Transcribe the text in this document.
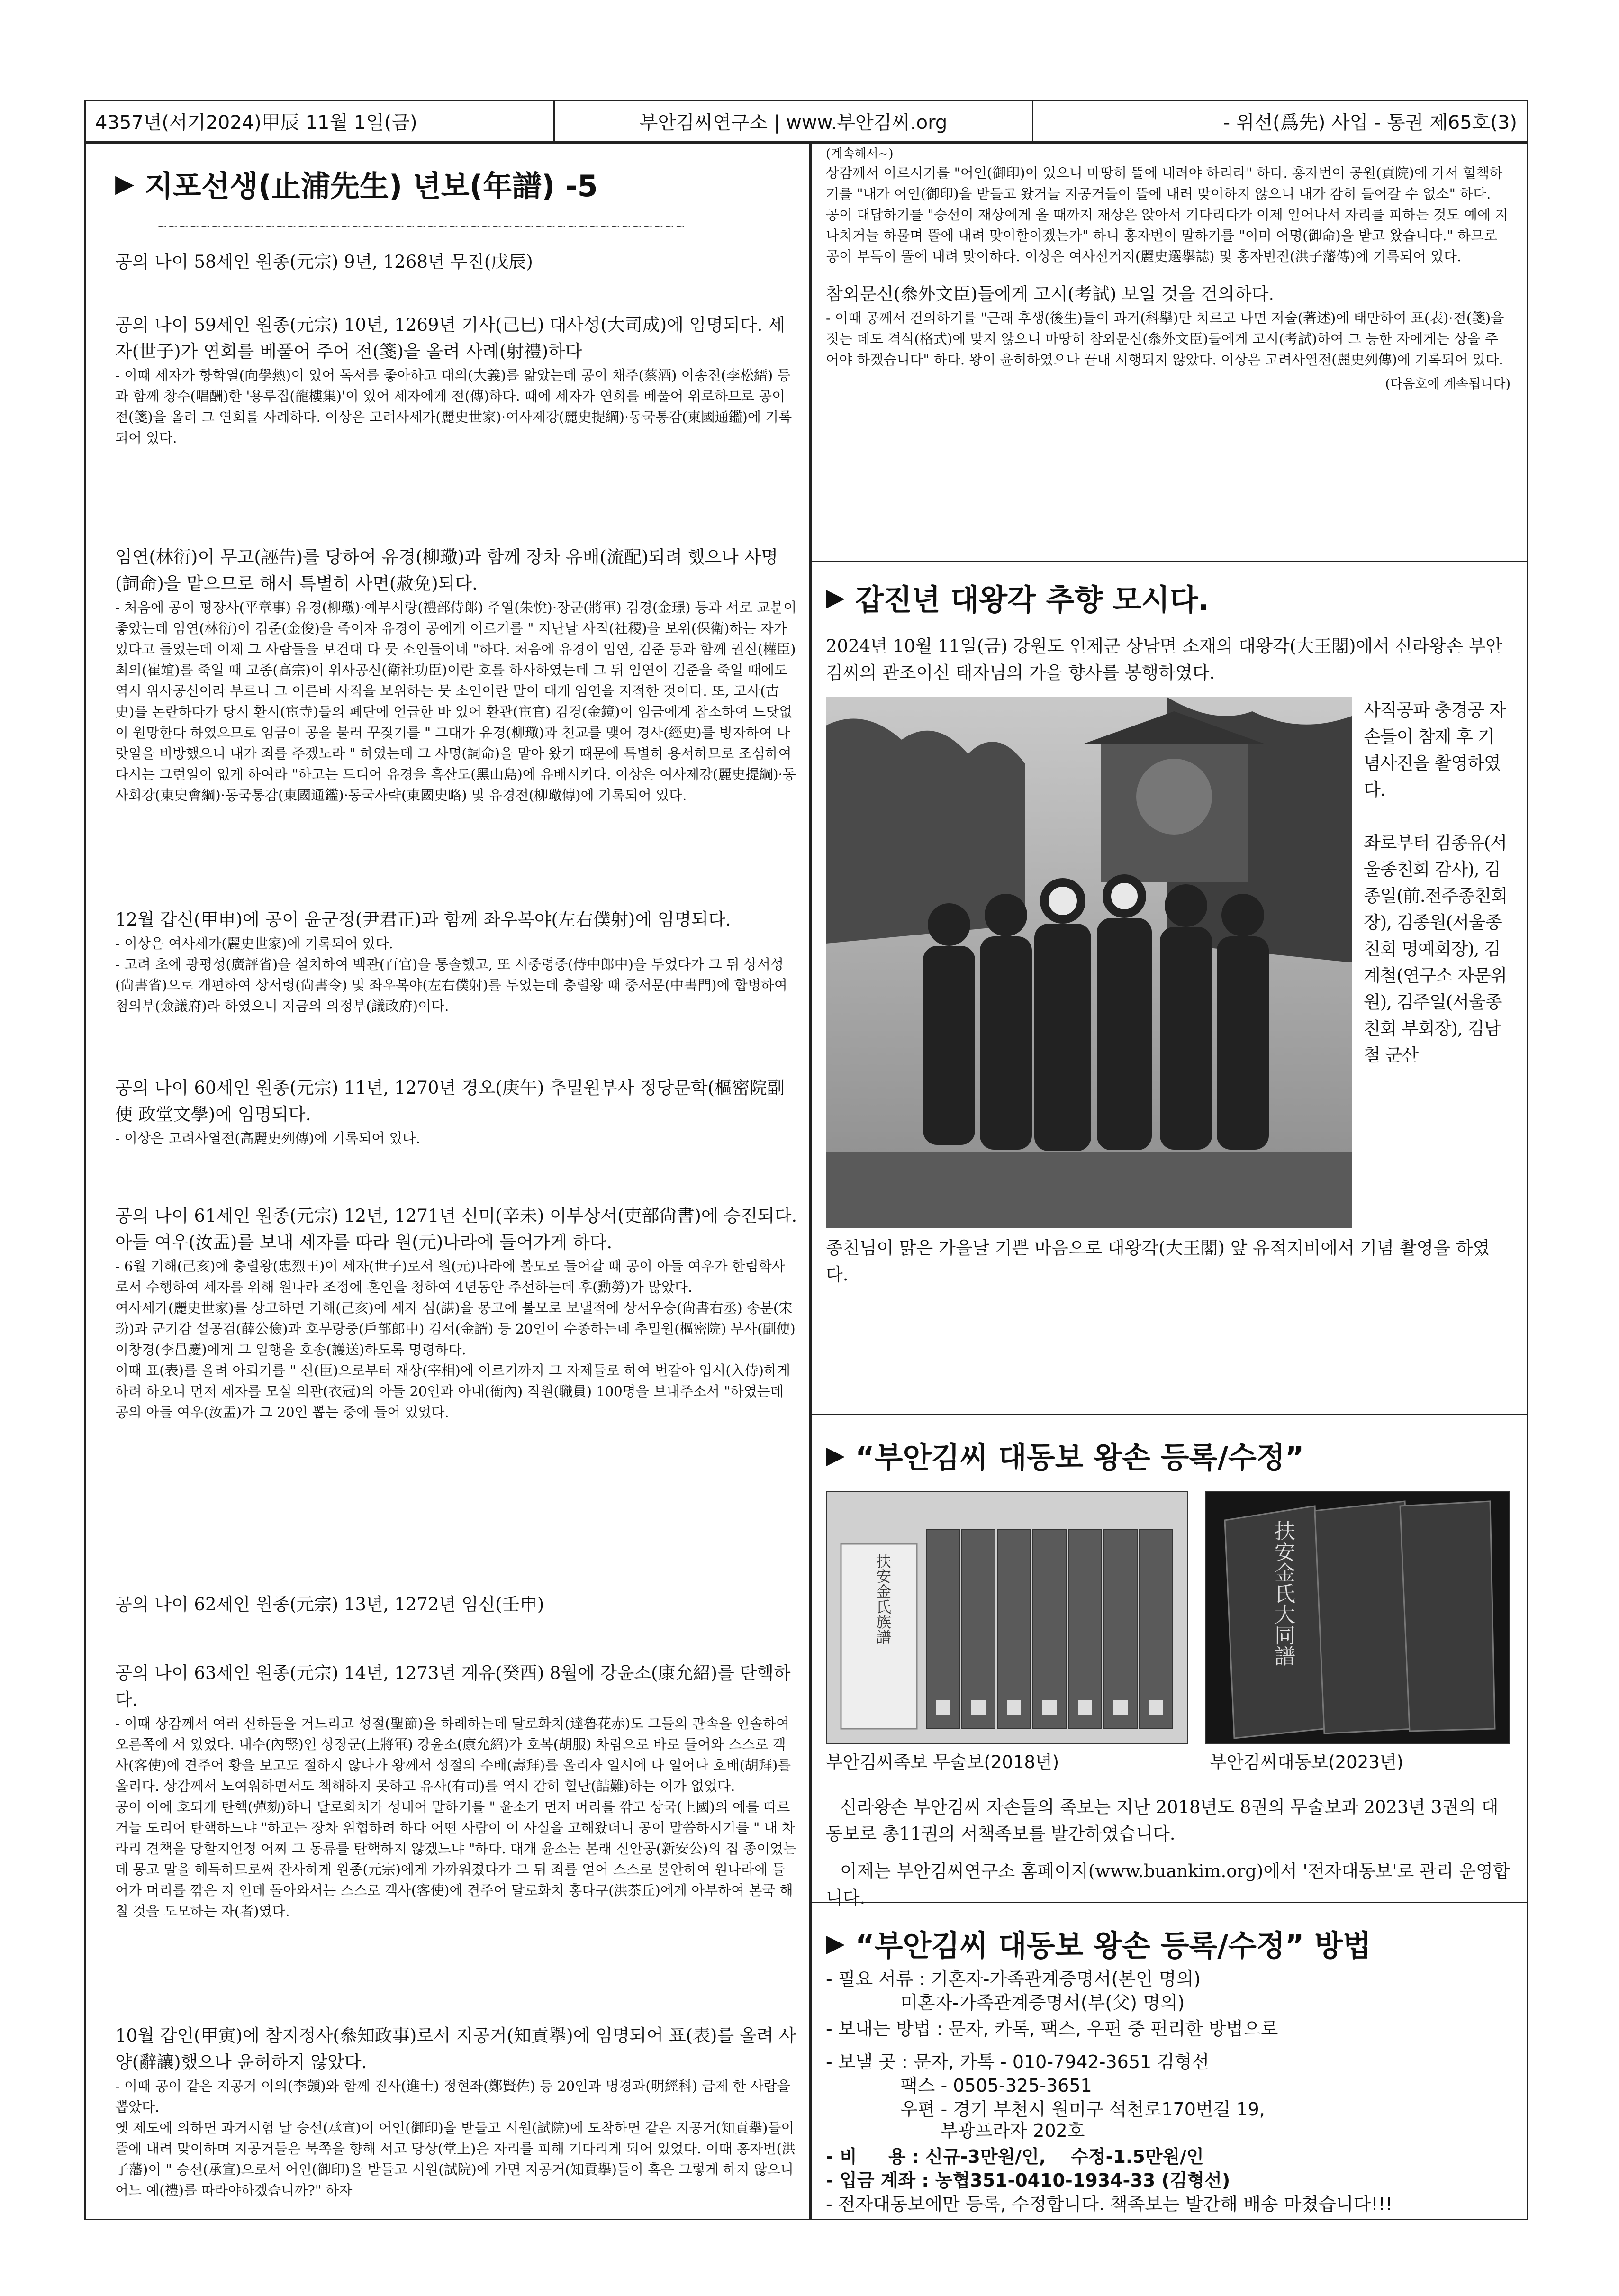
4357년(서기2024)甲辰 11월 1일(금)	부안김씨연구소 | www.부안김씨.org	- 위선(爲先) 사업 - 통권 제65호(3)
▶ 지포선생(止浦先生) 년보(年譜) -5
~~~~~~~~~~~~~~~~~~~~~~~~~~~~~~~~~~~~~~~~~~~~~~~~~

공의 나이 58세인 원종(元宗) 9년, 1268년 무진(戊辰)

공의 나이 59세인 원종(元宗) 10년, 1269년 기사(己巳) 대사성(大司成)에 임명되다. 세자(世子)가 연회를 베풀어 주어 전(箋)을 올려 사례(射禮)하다

- 이때 세자가 향학열(向學熱)이 있어 독서를 좋아하고 대의(大義)를 앎았는데 공이 채주(蔡酒) 이송진(李松縉) 등과 함께 창수(唱酬)한 '용루집(龍樓集)'이 있어 세자에게 전(傳)하다. 때에 세자가 연회를 베풀어 위로하므로 공이 전(箋)을 올려 그 연회를 사례하다. 이상은 고려사세가(麗史世家)·여사제강(麗史提綱)·동국통감(東國通鑑)에 기록되어 있다.

임연(林衍)이 무고(誣告)를 당하여 유경(柳璥)과 함께 장차 유배(流配)되려 했으나 사명(詞命)을 맡으므로 해서 특별히 사면(赦免)되다.

- 처음에 공이 평장사(平章事) 유경(柳璥)·예부시랑(禮部侍郞) 주열(朱悅)·장군(將軍) 김경(金璟) 등과 서로 교분이 좋았는데 임연(林衍)이 김준(金俊)을 죽이자 유경이 공에게 이르기를 " 지난날 사직(社稷)을 보위(保衛)하는 자가 있다고 들었는데 이제 그 사람들을 보건대 다 뭇 소인들이네 "하다. 처음에 유경이 임연, 김준 등과 함께 권신(權臣) 최의(崔竩)를 죽일 때 고종(高宗)이 위사공신(衛社功臣)이란 호를 하사하였는데 그 뒤 임연이 김준을 죽일 때에도 역시 위사공신이라 부르니 그 이른바 사직을 보위하는 뭇 소인이란 말이 대개 임연을 지적한 것이다. 또, 고사(古史)를 논란하다가 당시 환시(宦寺)들의 폐단에 언급한 바 있어 환관(宦官) 김경(金鏡)이 임금에게 참소하여 느닷없이 원망한다 하였으므로 임금이 공을 불러 꾸짖기를 " 그대가 유경(柳璥)과 친교를 맺어 경사(經史)를 빙자하여 나랏일을 비방했으니 내가 죄를 주겠노라 " 하였는데 그 사명(詞命)을 맡아 왔기 때문에 특별히 용서하므로 조심하여 다시는 그런일이 없게 하여라 "하고는 드디어 유경을 흑산도(黑山島)에 유배시키다. 이상은 여사제강(麗史提綱)·동사회강(東史會綱)·동국통감(東國通鑑)·동국사략(東國史略) 및 유경전(柳璥傳)에 기록되어 있다.

12월 갑신(甲申)에 공이 윤군정(尹君正)과 함께 좌우복야(左右僕射)에 임명되다.

- 이상은 여사세가(麗史世家)에 기록되어 있다.
- 고려 초에 광평성(廣評省)을 설치하여 백관(百官)을 통솔했고, 또 시중령중(侍中郎中)을 두었다가 그 뒤 상서성(尙書省)으로 개편하여 상서령(尙書令) 및 좌우복야(左右僕射)를 두었는데 충렬왕 때 중서문(中書門)에 합병하여 첨의부(僉議府)라 하였으니 지금의 의정부(議政府)이다.

공의 나이 60세인 원종(元宗) 11년, 1270년 경오(庚午) 추밀원부사 정당문학(樞密院副使 政堂文學)에 임명되다.

- 이상은 고려사열전(高麗史列傳)에 기록되어 있다.

공의 나이 61세인 원종(元宗) 12년, 1271년 신미(辛未) 이부상서(吏部尙書)에 승진되다. 아들 여우(汝盂)를 보내 세자를 따라 원(元)나라에 들어가게 하다.

- 6월 기해(己亥)에 충렬왕(忠烈王)이 세자(世子)로서 원(元)나라에 볼모로 들어갈 때 공이 아들 여우가 한림학사로서 수행하여 세자를 위해 원나라 조정에 혼인을 청하여 4년동안 주선하는데 후(勳勞)가 많았다.
여사세가(麗史世家)를 상고하면 기해(己亥)에 세자 심(諶)을 몽고에 볼모로 보낼적에 상서우승(尙書右丞) 송분(宋玢)과 군기감 설공검(薛公儉)과 호부랑중(戶部郎中) 김서(金諝) 등 20인이 수종하는데 추밀원(樞密院) 부사(副使) 이창경(李昌慶)에게 그 일행을 호송(護送)하도록 명령하다.
이때 표(表)를 올려 아뢰기를 " 신(臣)으로부터 재상(宰相)에 이르기까지 그 자제들로 하여 번갈아 입시(入侍)하게 하려 하오니 먼저 세자를 모실 의관(衣冠)의 아들 20인과 아내(衙內) 직원(職員) 100명을 보내주소서 "하였는데 공의 아들 여우(汝盂)가 그 20인 뽑는 중에 들어 있었다.

공의 나이 62세인 원종(元宗) 13년, 1272년 임신(壬申)

공의 나이 63세인 원종(元宗) 14년, 1273년 계유(癸酉) 8월에 강윤소(康允紹)를 탄핵하다.

- 이때 상감께서 여러 신하들을 거느리고 성절(聖節)을 하례하는데 달로화치(達魯花赤)도 그들의 관속을 인솔하여 오른쪽에 서 있었다. 내수(內竪)인 상장군(上將軍) 강윤소(康允紹)가 호복(胡服) 차림으로 바로 들어와 스스로 객사(客使)에 견주어 황을 보고도 절하지 않다가 왕께서 성절의 수배(壽拜)를 올리자 일시에 다 일어나 호배(胡拜)를 올리다. 상감께서 노여워하면서도 책해하지 못하고 유사(有司)를 역시 감히 힐난(詰難)하는 이가 없었다.
공이 이에 호되게 탄핵(彈劾)하니 달로화치가 성내어 말하기를 " 윤소가 먼저 머리를 깎고 상국(上國)의 예를 따르거늘 도리어 탄핵하느냐 "하고는 장차 위협하려 하다 어떤 사람이 이 사실을 고해왔더니 공이 말씀하시기를 " 내 차라리 견책을 당할지언정 어찌 그 동류를 탄핵하지 않겠느냐 "하다. 대개 윤소는 본래 신안공(新安公)의 집 종이었는데 몽고 말을 해득하므로써 잔사하게 원종(元宗)에게 가까워졌다가 그 뒤 죄를 얻어 스스로 불안하여 원나라에 들어가 머리를 깎은 지 인데 돌아와서는 스스로 객사(客使)에 견주어 달로화치 홍다구(洪茶丘)에게 아부하여 본국 해칠 것을 도모하는 자(者)였다.

10월 갑인(甲寅)에 참지정사(叅知政事)로서 지공거(知貢擧)에 임명되어 표(表)를 올려 사양(辭讓)했으나 윤허하지 않았다.

- 이때 공이 같은 지공거 이의(李顗)와 함께 진사(進士) 정현좌(鄭賢佐) 등 20인과 명경과(明經科) 급제 한 사람을 뽑았다.
옛 제도에 의하면 과거시험 날 승선(承宣)이 어인(御印)을 받들고 시원(試院)에 도착하면 같은 지공거(知貢擧)들이 뜰에 내려 맞이하며 지공거들은 북쪽을 향해 서고 당상(堂上)은 자리를 피해 기다리게 되어 있었다. 이때 홍자번(洪子藩)이 " 승선(承宣)으로서 어인(御印)을 받들고 시원(試院)에 가면 지공거(知貢擧)들이 혹은 그렇게 하지 않으니 어느 예(禮)를 따라야하겠습니까?" 하자

(계속해서~)

상감께서 이르시기를 "어인(御印)이 있으니 마땅히 뜰에 내려야 하리라" 하다. 홍자번이 공원(貢院)에 가서 힐책하기를 "내가 어인(御印)을 받들고 왔거늘 지공거들이 뜰에 내려 맞이하지 않으니 내가 감히 들어갈 수 없소" 하다.
공이 대답하기를 "승선이 재상에게 올 때까지 재상은 앉아서 기다리다가 이제 일어나서 자리를 피하는 것도 예에 지나치거늘 하물며 뜰에 내려 맞이할이겠는가" 하니 홍자번이 말하기를 "이미 어명(御命)을 받고 왔습니다." 하므로 공이 부득이 뜰에 내려 맞이하다. 이상은 여사선거지(麗史選擧誌) 및 홍자번전(洪子藩傳)에 기록되어 있다.

참외문신(叅外文臣)들에게 고시(考試) 보일 것을 건의하다.

- 이때 공께서 건의하기를 "근래 후생(後生)들이 과거(科擧)만 치르고 나면 저술(著述)에 태만하여 표(表)·전(箋)을 짓는 데도 격식(格式)에 맞지 않으니 마땅히 참외문신(叅外文臣)들에게 고시(考試)하여 그 능한 자에게는 상을 주어야 하겠습니다" 하다. 왕이 윤허하였으나 끝내 시행되지 않았다. 이상은 고려사열전(麗史列傳)에 기록되어 있다.

(다음호에 계속됩니다)

▶ 갑진년 대왕각 추향 모시다.

2024년 10월 11일(금) 강원도 인제군 상남면 소재의 대왕각(大王閣)에서 신라왕손 부안김씨의 관조이신 태자님의 가을 향사를 봉행하였다.

사직공파 충경공 자손들이 참제 후 기념사진을 촬영하였다.

좌로부터 김종유(서울종친회 감사), 김종일(前.전주종친회장), 김종원(서울종친회 명예회장), 김계철(연구소 자문위원), 김주일(서울종친회 부회장), 김남철 군산

종친님이 맑은 가을날 기쁜 마음으로 대왕각(大王閣) 앞 유적지비에서 기념 촬영을 하였다.

▶ “부안김씨 대동보 왕손 등록/수정”
扶安金氏族譜	扶安金氏大同譜

부안김씨족보 무술보(2018년)	부안김씨대동보(2023년)

신라왕손 부안김씨 자손들의 족보는 지난 2018년도 8권의 무술보과 2023년 3권의 대동보로 총11권의 서책족보를 발간하였습니다.

이제는 부안김씨연구소 홈페이지(www.buankim.org)에서 '전자대동보'로 관리 운영합니다.

▶ “부안김씨 대동보 왕손 등록/수정” 방법
- 필요 서류 : 기혼자-가족관계증명서(본인 명의)
미혼자-가족관계증명서(부(父) 명의)
- 보내는 방법 : 문자, 카톡, 팩스, 우편 중 편리한 방법으로
- 보낼 곳 : 문자, 카톡 - 010-7942-3651 김형선
팩스 - 0505-325-3651
우편 - 경기 부천시 원미구 석천로170번길 19,
부광프라자 202호
- 비     용 : 신규-3만원/인,    수정-1.5만원/인
- 입금 계좌 : 농협351-0410-1934-33 (김형선)
- 전자대동보에만 등록, 수정합니다. 책족보는 발간해 배송 마쳤습니다!!!
